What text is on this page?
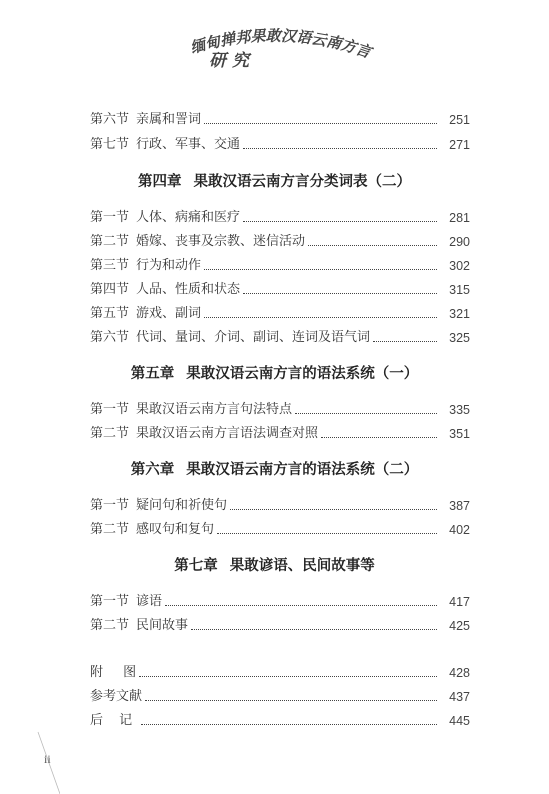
缅甸掸邦果敢汉语云南方言
研究
第六节 亲属和詈词	251
第七节 行政、军事、交通	271
第四章 果敢汉语云南方言分类词表（二）
第一节 人体、病痛和医疗	281
第二节 婚嫁、丧事及宗教、迷信活动	290
第三节 行为和动作	302
第四节 人品、性质和状态	315
第五节 游戏、副词	321
第六节 代词、量词、介词、副词、连词及语气词	325
第五章 果敢汉语云南方言的语法系统（一）
第一节 果敢汉语云南方言句法特点	335
第二节 果敢汉语云南方言语法调查对照	351
第六章 果敢汉语云南方言的语法系统（二）
第一节 疑问句和祈使句	387
第二节 感叹句和复句	402
第七章 果敢谚语、民间故事等
第一节 谚语	417
第二节 民间故事	425
附 图	428
参考文献	437
后 记	445
ii
